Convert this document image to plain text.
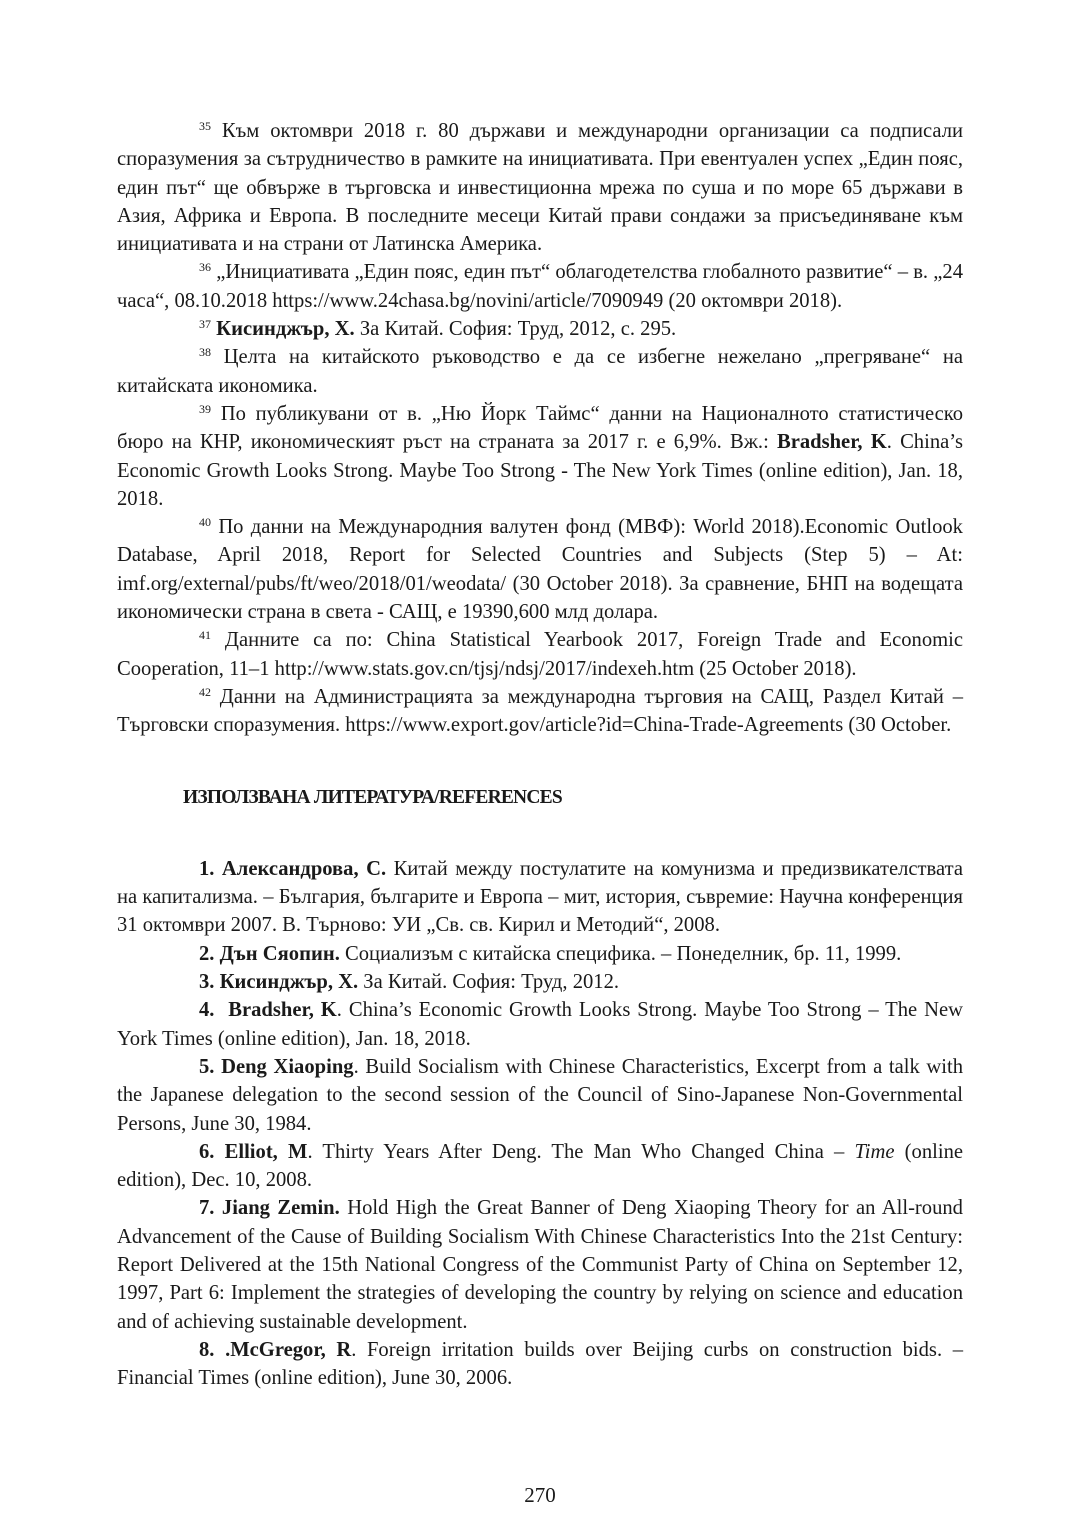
$^{35}$ Към октомври 2018 г. 80 държави и международни организации са подписали споразумения за сътрудничество в рамките на инициативата. При евентуален успех „Един пояс, един път“ ще обвърже в търговска и инвестиционна мрежа по суша и по море 65 държави в Азия, Африка и Европа. В последните месеци Китай прави сондажи за присъединяване към инициативата и на страни от Латинска Америка.

$^{36}$ „Инициативата „Един пояс, един път“ облагодетелства глобалното развитие“ – в. „24 часа“, 08.10.2018 https://www.24chasa.bg/novini/article/7090949 (20 октомври 2018).

$^{37}$ Кисинджър, Х. За Китай. София: Труд, 2012, с. 295.

$^{38}$ Целта на китайското ръководство е да се избегне нежелано „прегряване“ на китайската икономика.

$^{39}$ По публикувани от в. „Ню Йорк Таймс“ данни на Националното статистическо бюро на КНР, икономическият ръст на страната за 2017 г. е 6,9%. Вж.: Bradsher, K. China’s Economic Growth Looks Strong. Maybe Too Strong - The New York Times (online edition), Jan. 18, 2018.

$^{40}$ По данни на Международния валутен фонд (МВФ): World 2018).Economic Outlook Database, April 2018, Report for Selected Countries and Subjects (Step 5) – At: imf.org/external/pubs/ft/weo/2018/01/weodata/ (30 October 2018). За сравнение, БНП на водещата икономически страна в света - САЩ, е 19390,600 млд долара.

$^{41}$ Данните са по: China Statistical Yearbook 2017, Foreign Trade and Economic Cooperation, 11–1 http://www.stats.gov.cn/tjsj/ndsj/2017/indexeh.htm (25 October 2018).

$^{42}$ Данни на Администрацията за международна търговия на САЩ, Раздел Китай – Търговски споразумения. https://www.export.gov/article?id=China-Trade-Agreements (30 October.

ИЗПОЛЗВАНА ЛИТЕРАТУРА/REFERENCES

1. Александрова, С. Китай между постулатите на комунизма и предизвикателствата на капитализма. – България, българите и Европа – мит, история, съвремие: Научна конференция 31 октомври 2007. В. Търново: УИ „Св. св. Кирил и Методий“, 2008.

2. Дън Сяопин. Социализъм с китайска специфика. – Понеделник, бр. 11, 1999.

3. Кисинджър, Х. За Китай. София: Труд, 2012.

4. Bradsher, K. China’s Economic Growth Looks Strong. Maybe Too Strong – The New York Times (online edition), Jan. 18, 2018.

5. Deng Xiaoping. Build Socialism with Chinese Characteristics, Excerpt from a talk with the Japanese delegation to the second session of the Council of Sino-Japanese Non-Governmental Persons, June 30, 1984.

6. Elliot, M. Thirty Years After Deng. The Man Who Changed China – Time (online edition), Dec. 10, 2008.

7. Jiang Zemin. Hold High the Great Banner of Deng Xiaoping Theory for an All-round Advancement of the Cause of Building Socialism With Chinese Characteristics Into the 21st Century: Report Delivered at the 15th National Congress of the Communist Party of China on September 12, 1997, Part 6: Implement the strategies of developing the country by relying on science and education and of achieving sustainable development.

8. .McGregor, R. Foreign irritation builds over Beijing curbs on construction bids. – Financial Times (online edition), June 30, 2006.

270
